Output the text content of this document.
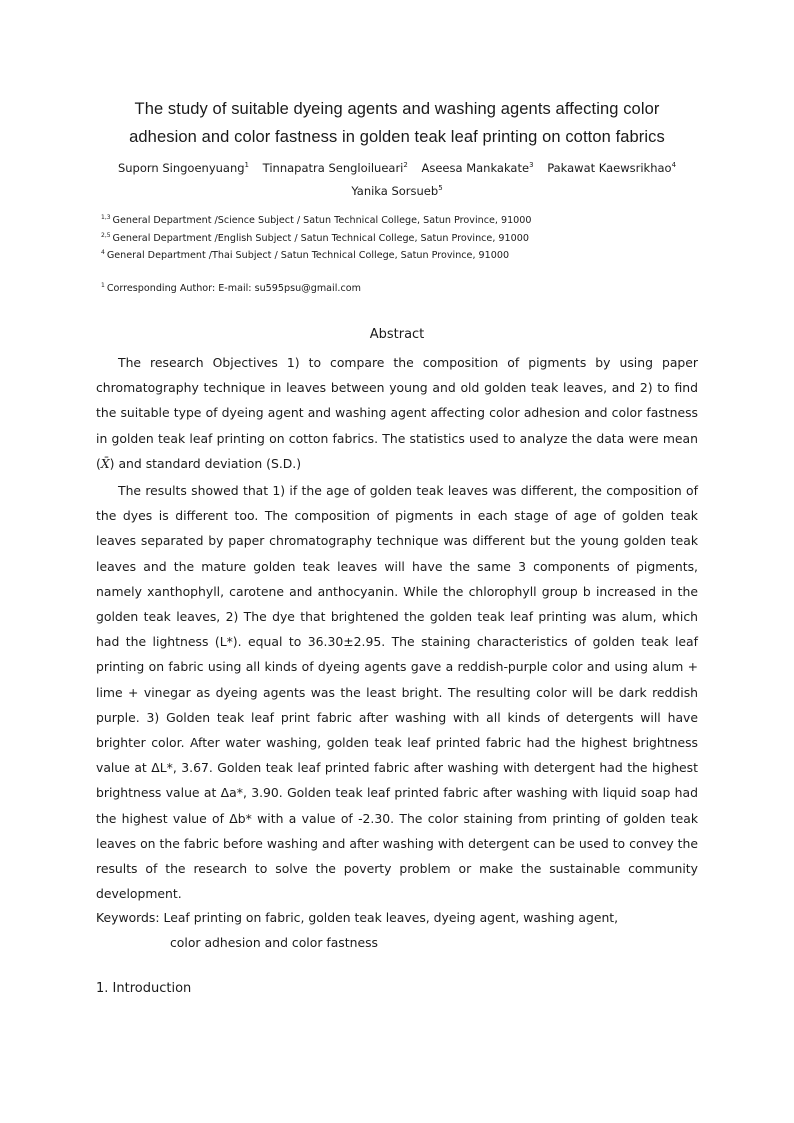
The study of suitable dyeing agents and washing agents affecting color
adhesion and color fastness in golden teak leaf printing on cotton fabrics
Suporn Singoenyuang$^1$ Tinnapatra Sengloilueari$^2$ Aseesa Mankakate$^3$ Pakawat Kaewsrikhao$^4$
Yanika Sorsueb$^5$
$^{1,3}$ General Department /Science Subject / Satun Technical College, Satun Province, 91000
$^{2,5}$ General Department /English Subject / Satun Technical College, Satun Province, 91000
$^4$ General Department /Thai Subject / Satun Technical College, Satun Province, 91000
$^1$ Corresponding Author: E-mail: su595psu@gmail.com
Abstract

The research Objectives 1) to compare the composition of pigments by using paper chromatography technique in leaves between young and old golden teak leaves, and 2) to find the suitable type of dyeing agent and washing agent affecting color adhesion and color fastness in golden teak leaf printing on cotton fabrics. The statistics used to analyze the data were mean (X̄) and standard deviation (S.D.)

The results showed that 1) if the age of golden teak leaves was different, the composition of the dyes is different too. The composition of pigments in each stage of age of golden teak leaves separated by paper chromatography technique was different but the young golden teak leaves and the mature golden teak leaves will have the same 3 components of pigments, namely xanthophyll, carotene and anthocyanin. While the chlorophyll group b increased in the golden teak leaves, 2) The dye that brightened the golden teak leaf printing was alum, which had the lightness (L*). equal to 36.30±2.95. The staining characteristics of golden teak leaf printing on fabric using all kinds of dyeing agents gave a reddish-purple color and using alum + lime + vinegar as dyeing agents was the least bright. The resulting color will be dark reddish purple. 3) Golden teak leaf print fabric after washing with all kinds of detergents will have brighter color. After water washing, golden teak leaf printed fabric had the highest brightness value at ΔL*, 3.67. Golden teak leaf printed fabric after washing with detergent had the highest brightness value at Δa*, 3.90. Golden teak leaf printed fabric after washing with liquid soap had the highest value of Δb* with a value of -2.30. The color staining from printing of golden teak leaves on the fabric before washing and after washing with detergent can be used to convey the results of the research to solve the poverty problem or make the sustainable community development.

Keywords: Leaf printing on fabric, golden teak leaves, dyeing agent, washing agent,
color adhesion and color fastness
1. Introduction
